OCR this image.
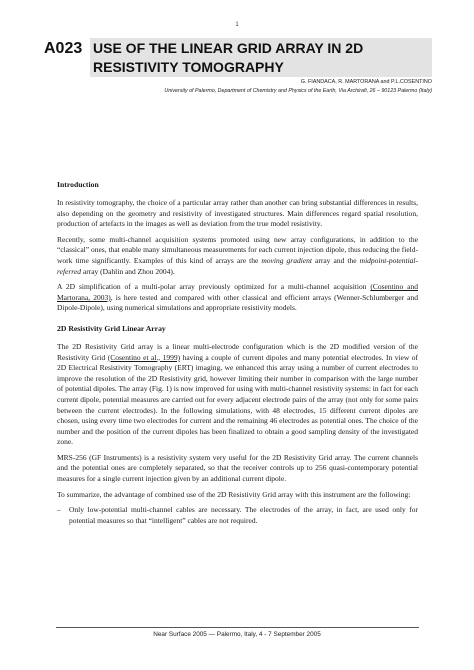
1
A023 USE OF THE LINEAR GRID ARRAY IN 2D RESISTIVITY TOMOGRAPHY
G. FIANDACA, R. MARTORANA and P.L.COSENTINO
University of Palermo, Department of Chemistry and Physics of the Earth, Via Archirafi, 26 – 90123 Palermo (Italy)
Introduction

In resistivity tomography, the choice of a particular array rather than another can bring substantial differences in results, also depending on the geometry and resistivity of investigated structures. Main differences regard spatial resolution, production of artefacts in the images as well as deviation from the true model resistivity.

Recently, some multi-channel acquisition systems promoted using new array configurations, in addition to the “classical” ones, that enable many simultaneous measurements for each current injection dipole, thus reducing the field-work time significantly. Examples of this kind of arrays are the moving gradient array and the midpoint-potential-referred array (Dahlin and Zhou 2004).

A 2D simplification of a multi-polar array previously optimized for a multi-channel acquisition (Cosentino and Martorana, 2003), is here tested and compared with other classical and efficient arrays (Wenner-Schlumberger and Dipole-Dipole), using numerical simulations and appropriate resistivity models.

2D Resistivity Grid Linear Array

The 2D Resistivity Grid array is a linear multi-electrode configuration which is the 2D modified version of the Resistivity Grid (Cosentino et al., 1999) having a couple of current dipoles and many potential electrodes. In view of 2D Electrical Resistivity Tomography (ERT) imaging, we enhanced this array using a number of current electrodes to improve the resolution of the 2D Resistivity grid, however limiting their number in comparison with the large number of potential dipoles. The array (Fig. 1) is now improved for using with multi-channel resistivity systems: in fact for each current dipole, potential measures are carried out for every adjacent electrode pairs of the array (not only for some pairs between the current electrodes). In the following simulations, with 48 electrodes, 15 different current dipoles are chosen, using every time two electrodes for current and the remaining 46 electrodes as potential ones. The choice of the number and the position of the current dipoles has been finalized to obtain a good sampling density of the investigated zone.

MRS-256 (GF Instruments) is a resistivity system very useful for the 2D Resistivity Grid array. The current channels and the potential ones are completely separated, so that the receiver controls up to 256 quasi-contemporary potential measures for a single current injection given by an additional current dipole.

To summarize, the advantage of combined use of the 2D Resistivity Grid array with this instrument are the following:

–	Only low-potential multi-channel cables are necessary. The electrodes of the array, in fact, are used only for potential measures so that “intelligent” cables are not required.
Near Surface 2005 — Palermo, Italy, 4 - 7 September 2005
